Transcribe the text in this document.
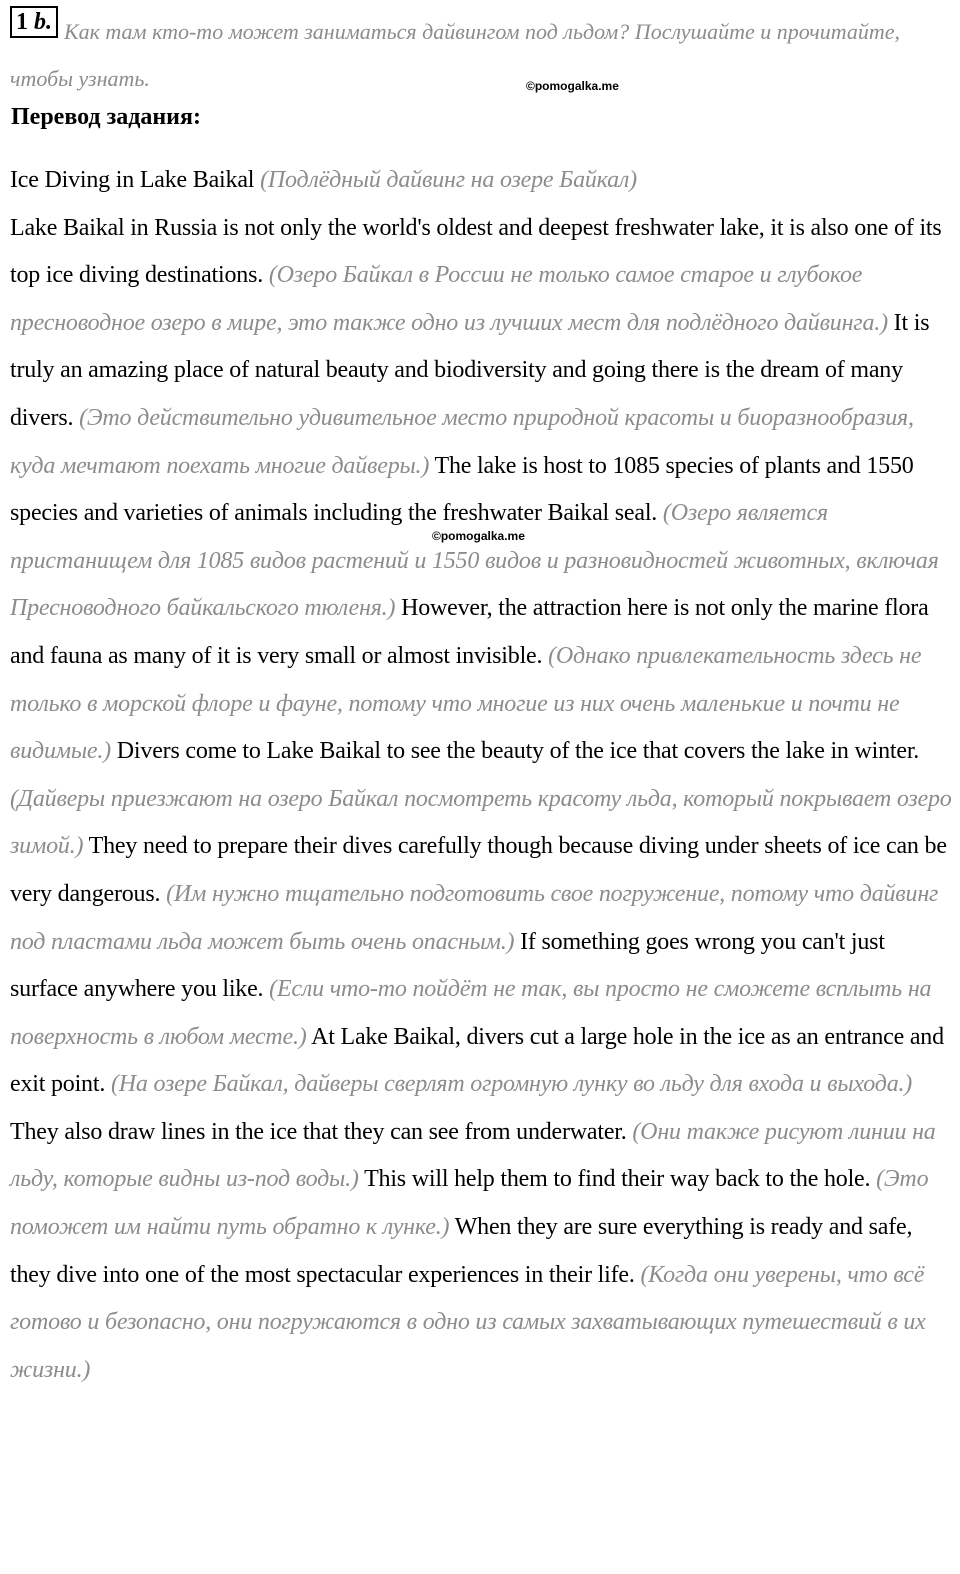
1 b. Как там кто-то может заниматься дайвингом под льдом? Послушайте и прочитайте, чтобы узнать.	©pomogalka.me
©pomogalka.me
Перевод задания:

Ice Diving in Lake Baikal (Подлёдный дайвинг на озере Байкал)

Lake Baikal in Russia is not only the world's oldest and deepest freshwater lake, it is also one of its top ice diving destinations. (Озеро Байкал в России не только самое старое и глубокое пресноводное озеро в мире, это также одно из лучших мест для подлёдного дайвинга.) It is truly an amazing place of natural beauty and biodiversity and going there is the dream of many divers. (Это действительно удивительное место природной красоты и биоразнообразия, куда мечтают поехать многие дайверы.) The lake is host to 1085 species of plants and 1550 species and varieties of animals including the freshwater Baikal seal. (Озеро является пристанищем для 1085 видов растений и 1550 видов и разновидностей животных, включая Пресноводного байкальского тюленя.) However, the attraction here is not only the marine flora and fauna as many of it is very small or almost invisible. (Однако привлекательность здесь не только в морской флоре и фауне, потому что многие из них очень маленькие и почти не видимые.) Divers come to Lake Baikal to see the beauty of the ice that covers the lake in winter. (Дайверы приезжают на озеро Байкал посмотреть красоту льда, который покрывает озеро зимой.) They need to prepare their dives carefully though because diving under sheets of ice can be very dangerous. (Им нужно тщательно подготовить свое погружение, потому что дайвинг под пластами льда может быть очень опасным.) If something goes wrong you can't just surface anywhere you like. (Если что-то пойдёт не так, вы просто не сможете всплыть на поверхность в любом месте.) At Lake Baikal, divers cut a large hole in the ice as an entrance and exit point. (На озере Байкал, дайверы сверлят огромную лунку во льду для входа и выхода.) They also draw lines in the ice that they can see from underwater. (Они также рисуют линии на льду, которые видны из-под воды.) This will help them to find their way back to the hole. (Это поможет им найти путь обратно к лунке.) When they are sure everything is ready and safe, they dive into one of the most spectacular experiences in their life. (Когда они уверены, что всё готово и безопасно, они погружаются в одно из самых захватывающих путешествий в их жизни.)
